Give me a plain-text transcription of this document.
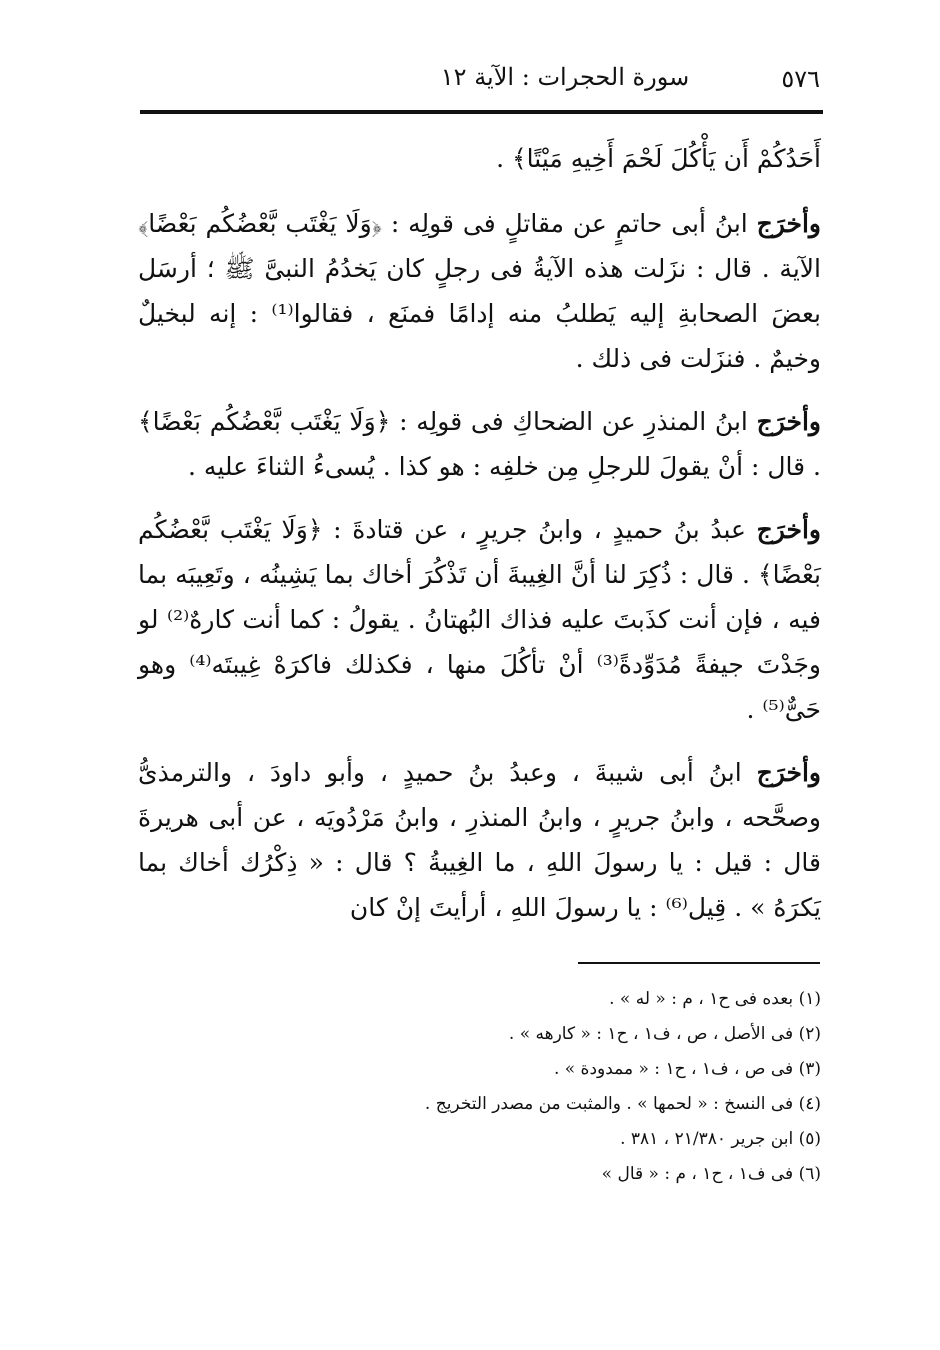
٥٧٦
سورة الحجرات : الآية ١٢

أَحَدُكُمْ أَن يَأْكُلَ لَحْمَ أَخِيهِ مَيْتًا﴾ .

وأخرَج ابنُ أبى حاتمٍ عن مقاتلٍ فى قولِه : ﴿وَلَا يَغْتَب بَّعْضُكُم بَعْضًا﴾ الآية . قال : نزَلت هذه الآيةُ فى رجلٍ كان يَخدُمُ النبىَّ ﷺ ؛ أرسَل بعضَ الصحابةِ إليه يَطلبُ منه إدامًا فمنَع ، فقالوا⁽¹⁾ : إنه لبخيلٌ وخيمٌ . فنزَلت فى ذلك .

وأخرَج ابنُ المنذرِ عن الضحاكِ فى قولِه : ﴿وَلَا يَغْتَب بَّعْضُكُم بَعْضًا﴾ . قال : أنْ يقولَ للرجلِ مِن خلفِه : هو كذا . يُسىءُ الثناءَ عليه .

وأخرَج عبدُ بنُ حميدٍ ، وابنُ جريرٍ ، عن قتادةَ : ﴿وَلَا يَغْتَب بَّعْضُكُم بَعْضًا﴾ . قال : ذُكِرَ لنا أنَّ الغِيبةَ أن تَذْكُرَ أخاك بما يَشِينُه ، وتَعِيبَه بما فيه ، فإن أنت كذَبتَ عليه فذاك البُهتانُ . يقولُ : كما أنت كارهٌ⁽²⁾ لو وجَدْتَ جيفةً مُدَوِّدةً⁽³⁾ أنْ تأكُلَ منها ، فكذلك فاكرَهْ غِيبتَه⁽⁴⁾ وهو حَىٌّ⁽⁵⁾ .

وأخرَج ابنُ أبى شيبةَ ، وعبدُ بنُ حميدٍ ، وأبو داودَ ، والترمذىُّ وصحَّحه ، وابنُ جريرٍ ، وابنُ المنذرِ ، وابنُ مَرْدُويَه ، عن أبى هريرةَ قال : قيل : يا رسولَ اللهِ ، ما الغِيبةُ ؟ قال : « ذِكْرُك أخاك بما يَكرَهُ » . قِيل⁽⁶⁾ : يا رسولَ اللهِ ، أرأيتَ إنْ كان

(١) بعده فى ح١ ، م : « له » .

(٢) فى الأصل ، ص ، ف١ ، ح١ : « كارهه » .

(٣) فى ص ، ف١ ، ح١ : « ممدودة » .

(٤) فى النسخ : « لحمها » . والمثبت من مصدر التخريج .

(٥) ابن جرير ٢١/٣٨٠ ، ٣٨١ .

(٦) فى ف١ ، ح١ ، م : « قال »
